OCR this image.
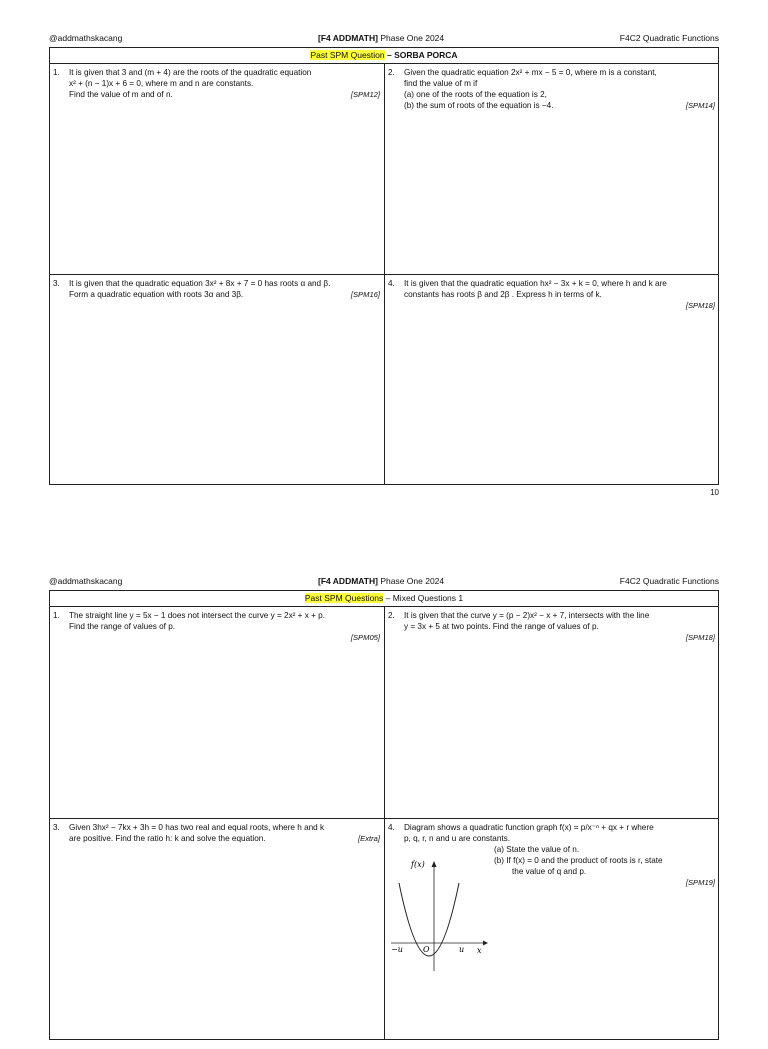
@addmathskacang	[F4 ADDMATH] Phase One 2024	F4C2 Quadratic Functions
Past SPM Question – SORBA PORCA
1. It is given that 3 and (m + 4) are the roots of the quadratic equation
x² + (n − 1)x + 6 = 0, where m and n are constants.
Find the value of m and of n.	[SPM12]
2. Given the quadratic equation 2x² + mx − 5 = 0, where m is a constant,
find the value of m if
(a) one of the roots of the equation is 2,
(b) the sum of roots of the equation is −4.	[SPM14]
3. It is given that the quadratic equation 3x² + 8x + 7 = 0 has roots α and β.
Form a quadratic equation with roots 3α and 3β.	[SPM16]
4. It is given that the quadratic equation hx² − 3x + k = 0, where h and k are
constants has roots β and 2β . Express h in terms of k.
[SPM18]
10
@addmathskacang	[F4 ADDMATH] Phase One 2024	F4C2 Quadratic Functions
Past SPM Questions – Mixed Questions 1
1. The straight line y = 5x − 1 does not intersect the curve y = 2x² + x + p.
Find the range of values of p.
[SPM05]
2. It is given that the curve y = (p − 2)x² − x + 7, intersects with the line
y = 3x + 5 at two points. Find the range of values of p.
[SPM18]
3. Given 3hx² − 7kx + 3h = 0 has two real and equal roots, where h and k
are positive. Find the ratio h: k and solve the equation.	[Extra]
4. Diagram shows a quadratic function graph f(x) = p/x⁻ⁿ + qx + r where
p, q, r, n and u are constants.
(a) State the value of n.
(b) If f(x) = 0 and the product of roots is r, state
the value of q and p.
[SPM19]
f(x)
x
O
−u	u
